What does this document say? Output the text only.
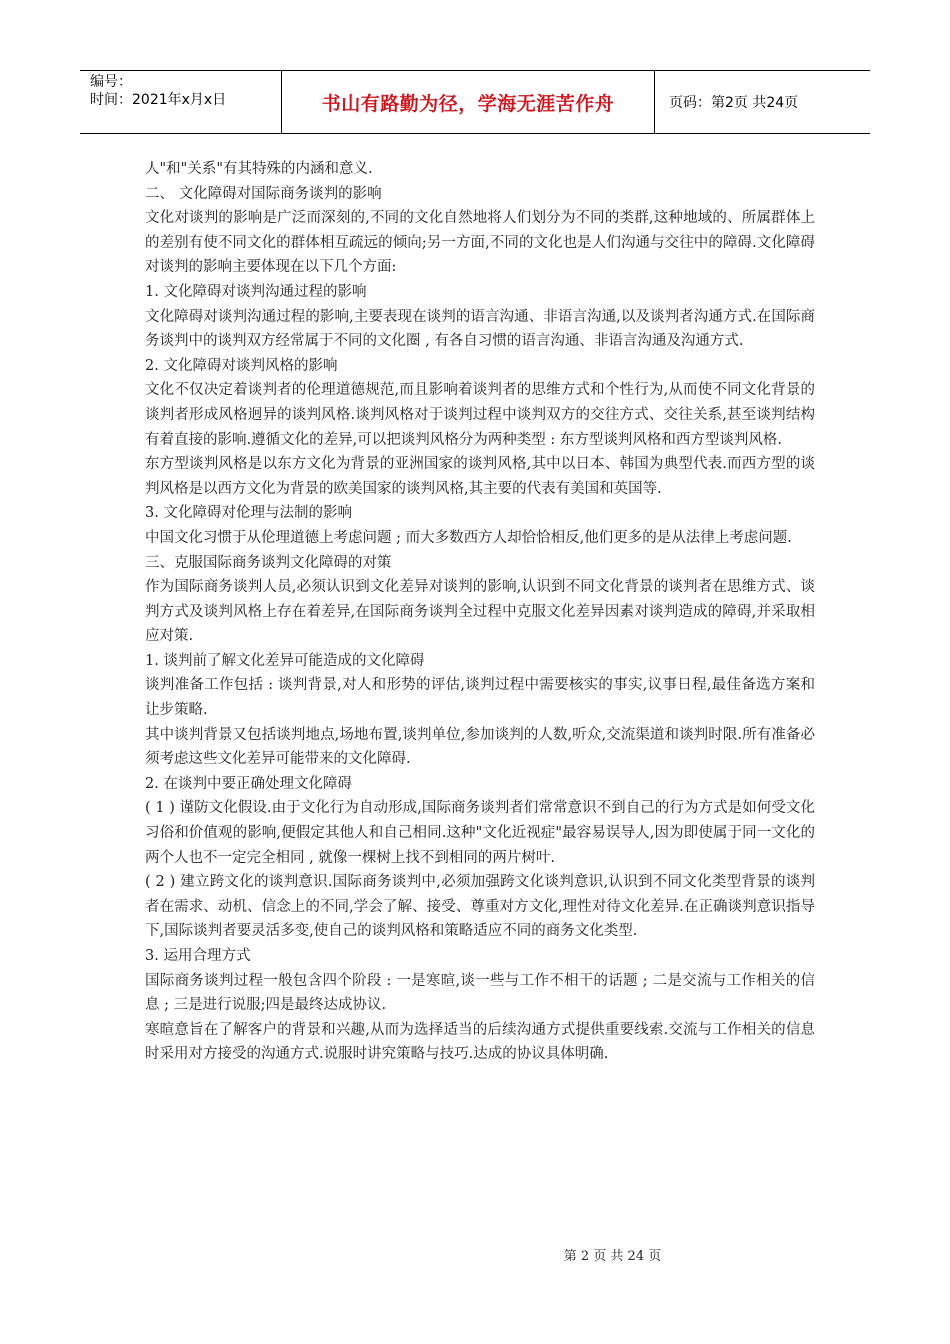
编号：
时间：2021年x月x日	书山有路勤为径，学海无涯苦作舟	页码：第2页 共24页

人"和"关系"有其特殊的内涵和意义.

二、 文化障碍对国际商务谈判的影响

文化对谈判的影响是广泛而深刻的,不同的文化自然地将人们划分为不同的类群,这种地域的、所属群体上的差别有使不同文化的群体相互疏远的倾向;另一方面,不同的文化也是人们沟通与交往中的障碍.文化障碍对谈判的影响主要体现在以下几个方面:

1. 文化障碍对谈判沟通过程的影响

文化障碍对谈判沟通过程的影响,主要表现在谈判的语言沟通、非语言沟通,以及谈判者沟通方式.在国际商务谈判中的谈判双方经常属于不同的文化圈 , 有各自习惯的语言沟通、非语言沟通及沟通方式.

2. 文化障碍对谈判风格的影响

文化不仅决定着谈判者的伦理道德规范,而且影响着谈判者的思维方式和个性行为,从而使不同文化背景的谈判者形成风格迥异的谈判风格.谈判风格对于谈判过程中谈判双方的交往方式、交往关系,甚至谈判结构有着直接的影响.遵循文化的差异,可以把谈判风格分为两种类型 : 东方型谈判风格和西方型谈判风格.

东方型谈判风格是以东方文化为背景的亚洲国家的谈判风格,其中以日本、韩国为典型代表.而西方型的谈判风格是以西方文化为背景的欧美国家的谈判风格,其主要的代表有美国和英国等.

3. 文化障碍对伦理与法制的影响

中国文化习惯于从伦理道德上考虑问题 ; 而大多数西方人却恰恰相反,他们更多的是从法律上考虑问题.

三、克服国际商务谈判文化障碍的对策

作为国际商务谈判人员,必须认识到文化差异对谈判的影响,认识到不同文化背景的谈判者在思维方式、谈判方式及谈判风格上存在着差异,在国际商务谈判全过程中克服文化差异因素对谈判造成的障碍,并采取相应对策.

1. 谈判前了解文化差异可能造成的文化障碍

谈判准备工作包括 : 谈判背景,对人和形势的评估,谈判过程中需要核实的事实,议事日程,最佳备选方案和让步策略.

其中谈判背景又包括谈判地点,场地布置,谈判单位,参加谈判的人数,听众,交流渠道和谈判时限.所有准备必须考虑这些文化差异可能带来的文化障碍.

2. 在谈判中要正确处理文化障碍

( 1 ) 谨防文化假设.由于文化行为自动形成,国际商务谈判者们常常意识不到自己的行为方式是如何受文化习俗和价值观的影响,便假定其他人和自己相同.这种"文化近视症"最容易误导人,因为即使属于同一文化的两个人也不一定完全相同 , 就像一棵树上找不到相同的两片树叶.

( 2 ) 建立跨文化的谈判意识.国际商务谈判中,必须加强跨文化谈判意识,认识到不同文化类型背景的谈判者在需求、动机、信念上的不同,学会了解、接受、尊重对方文化,理性对待文化差异.在正确谈判意识指导下,国际谈判者要灵活多变,使自己的谈判风格和策略适应不同的商务文化类型.

3. 运用合理方式

国际商务谈判过程一般包含四个阶段 : 一是寒暄,谈一些与工作不相干的话题 ; 二是交流与工作相关的信息 ; 三是进行说服;四是最终达成协议.

寒暄意旨在了解客户的背景和兴趣,从而为选择适当的后续沟通方式提供重要线索.交流与工作相关的信息时采用对方接受的沟通方式.说服时讲究策略与技巧.达成的协议具体明确.

第 2 页 共 24 页
